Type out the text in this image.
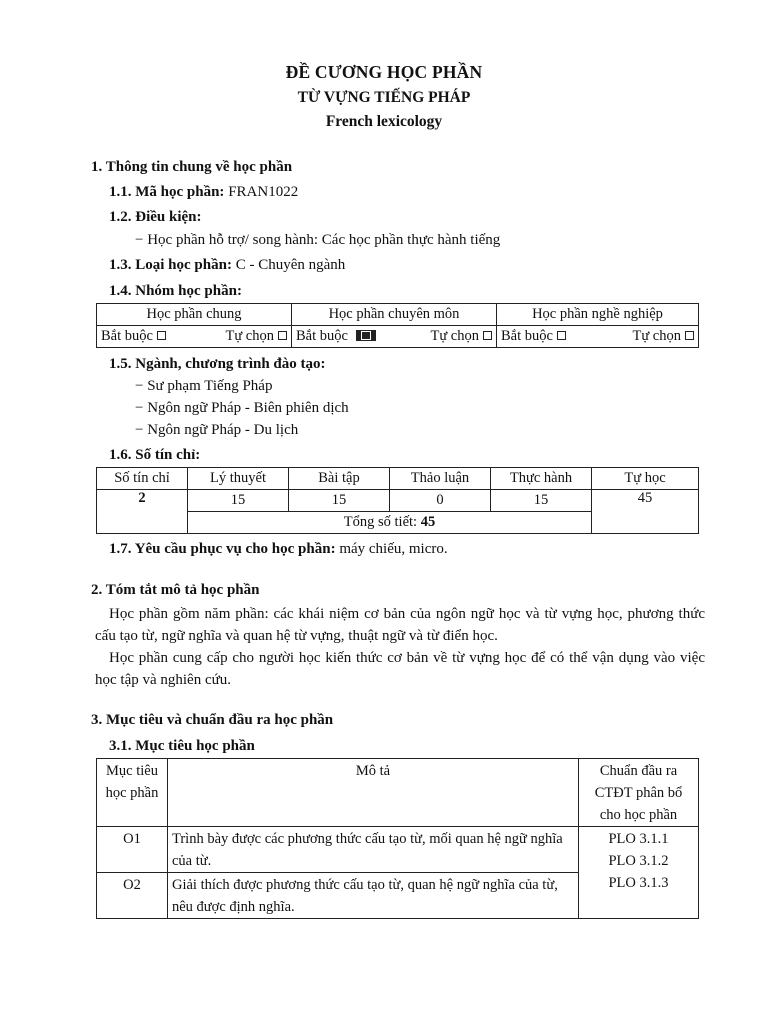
ĐỀ CƯƠNG HỌC PHẦN
TỪ VỰNG TIẾNG PHÁP
French lexicology
1. Thông tin chung về học phần
1.1. Mã học phần: FRAN1022
1.2. Điều kiện:
− Học phần hỗ trợ/ song hành: Các học phần thực hành tiếng
1.3. Loại học phần: C - Chuyên ngành
1.4. Nhóm học phần:
Học phần chung	Học phần chuyên môn	Học phần nghề nghiệp

Bắt buộc Tự chọn	Bắt buộc Tự chọn	Bắt buộc Tự chọn
1.5. Ngành, chương trình đào tạo:
− Sư phạm Tiếng Pháp
− Ngôn ngữ Pháp - Biên phiên dịch
− Ngôn ngữ Pháp - Du lịch
1.6. Số tín chỉ:
Số tín chỉ	Lý thuyết	Bài tập	Thảo luận	Thực hành	Tự học
2	15	15	0	15	45
	Tổng số tiết: 45				
1.7. Yêu cầu phục vụ cho học phần: máy chiếu, micro.
2. Tóm tắt mô tả học phần
Học phần gồm năm phần: các khái niệm cơ bản của ngôn ngữ học và từ vựng học, phương thức cấu tạo từ, ngữ nghĩa và quan hệ từ vựng, thuật ngữ và từ điển học.
Học phần cung cấp cho người học kiến thức cơ bản về từ vựng học để có thể vận dụng vào việc học tập và nghiên cứu.
3. Mục tiêu và chuẩn đầu ra học phần
3.1. Mục tiêu học phần
Mục tiêu học phần	Mô tả	Chuẩn đầu ra CTĐT phân bổ cho học phần
O1	Trình bày được các phương thức cấu tạo từ, mối quan hệ ngữ nghĩa của từ.	PLO 3.1.1
PLO 3.1.2
PLO 3.1.3

O2	Giải thích được phương thức cấu tạo từ, quan hệ ngữ nghĩa của từ, nêu được định nghĩa.	
